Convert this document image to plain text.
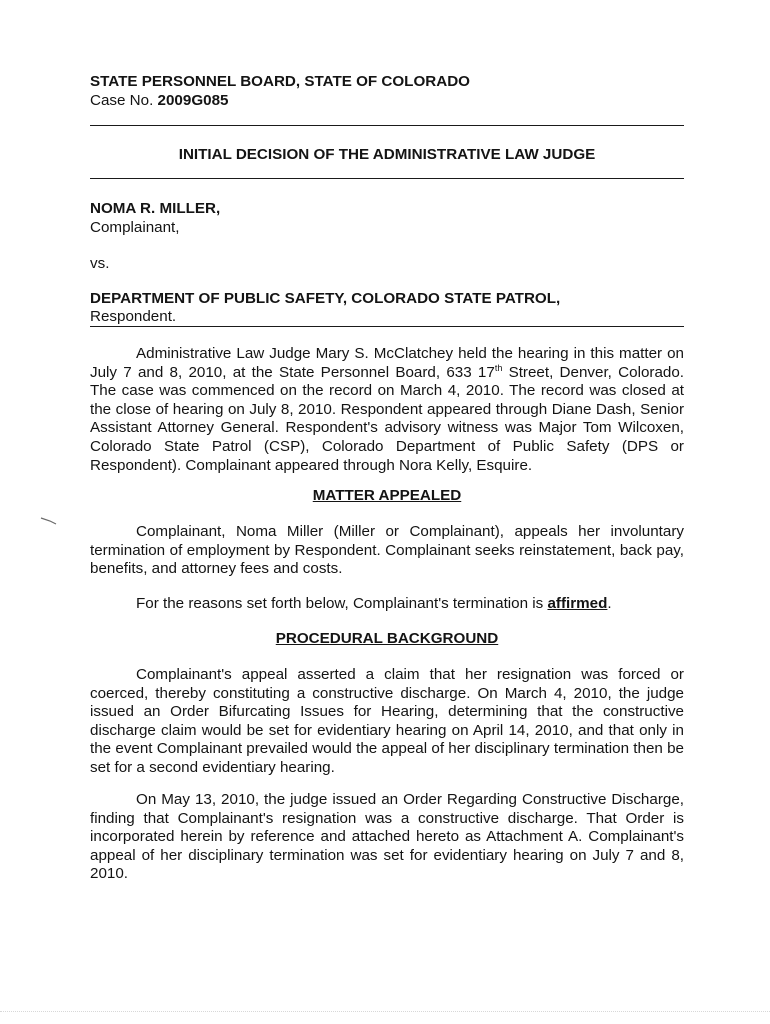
STATE PERSONNEL BOARD, STATE OF COLORADO
Case No. 2009G085
INITIAL DECISION OF THE ADMINISTRATIVE LAW JUDGE
NOMA R. MILLER,
Complainant,
vs.
DEPARTMENT OF PUBLIC SAFETY, COLORADO STATE PATROL,
Respondent.
Administrative Law Judge Mary S. McClatchey held the hearing in this matter on July 7 and 8, 2010, at the State Personnel Board, 633 17th Street, Denver, Colorado. The case was commenced on the record on March 4, 2010. The record was closed at the close of hearing on July 8, 2010. Respondent appeared through Diane Dash, Senior Assistant Attorney General. Respondent's advisory witness was Major Tom Wilcoxen, Colorado State Patrol (CSP), Colorado Department of Public Safety (DPS or Respondent). Complainant appeared through Nora Kelly, Esquire.
MATTER APPEALED
Complainant, Noma Miller (Miller or Complainant), appeals her involuntary termination of employment by Respondent. Complainant seeks reinstatement, back pay, benefits, and attorney fees and costs.
For the reasons set forth below, Complainant's termination is affirmed.
PROCEDURAL BACKGROUND
Complainant's appeal asserted a claim that her resignation was forced or coerced, thereby constituting a constructive discharge. On March 4, 2010, the judge issued an Order Bifurcating Issues for Hearing, determining that the constructive discharge claim would be set for evidentiary hearing on April 14, 2010, and that only in the event Complainant prevailed would the appeal of her disciplinary termination then be set for a second evidentiary hearing.
On May 13, 2010, the judge issued an Order Regarding Constructive Discharge, finding that Complainant's resignation was a constructive discharge. That Order is incorporated herein by reference and attached hereto as Attachment A. Complainant's appeal of her disciplinary termination was set for evidentiary hearing on July 7 and 8, 2010.
